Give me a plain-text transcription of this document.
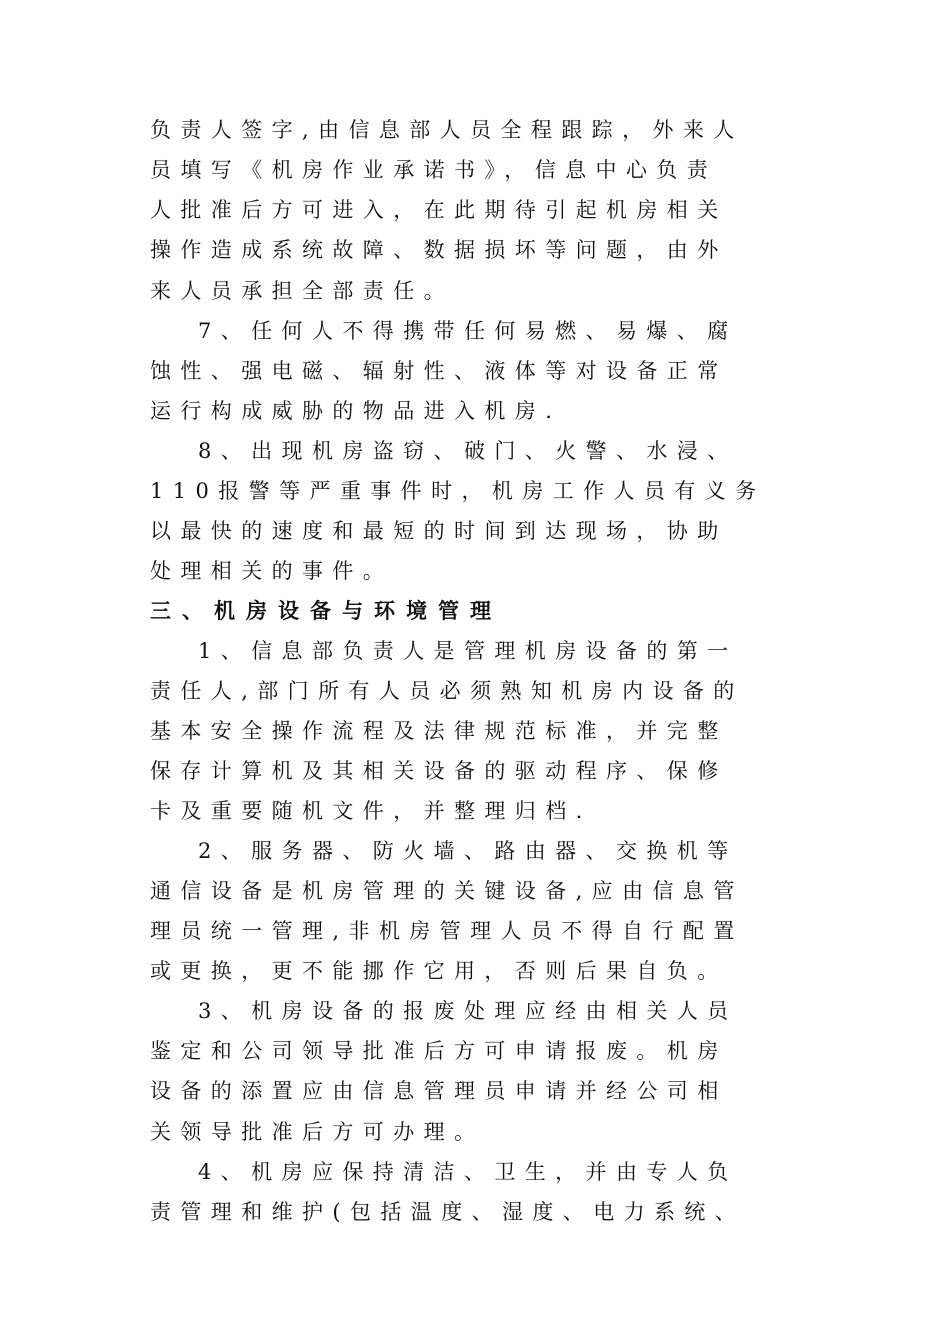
负责人签字,由信息部人员全程跟踪，外来人
员填写《机房作业承诺书》，信息中心负责
人批准后方可进入，在此期待引起机房相关
操作造成系统故障、数据损坏等问题，由外
来人员承担全部责任。
7、任何人不得携带任何易燃、易爆、腐
蚀性、强电磁、辐射性、液体等对设备正常
运行构成威胁的物品进入机房.
8、出现机房盗窃、破门、火警、水浸、
110报警等严重事件时，机房工作人员有义务
以最快的速度和最短的时间到达现场，协助
处理相关的事件。
三、机房设备与环境管理
1、信息部负责人是管理机房设备的第一
责任人,部门所有人员必须熟知机房内设备的
基本安全操作流程及法律规范标准，并完整
保存计算机及其相关设备的驱动程序、保修
卡及重要随机文件，并整理归档.
2、服务器、防火墙、路由器、交换机等
通信设备是机房管理的关键设备,应由信息管
理员统一管理,非机房管理人员不得自行配置
或更换，更不能挪作它用，否则后果自负。
3、机房设备的报废处理应经由相关人员
鉴定和公司领导批准后方可申请报废。机房
设备的添置应由信息管理员申请并经公司相
关领导批准后方可办理。
4、机房应保持清洁、卫生，并由专人负
责管理和维护(包括温度、湿度、电力系统、
